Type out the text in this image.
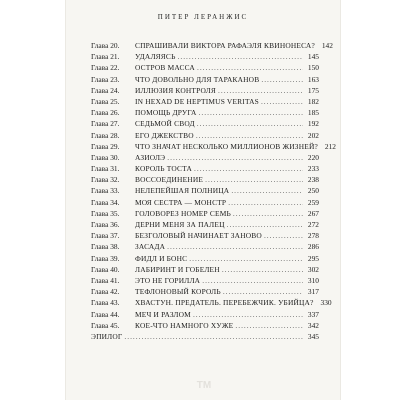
ПИТЕР ЛЕРАНЖИС
Глава 20.	СПРАШИВАЛИ ВИКТОРА РАФАЭЛЯ КВИНОНЕСА? 142
Глава 21.	УДАЛЯЯСЬ .....	145
Глава 22.	ОСТРОВ МАССА .....	150
Глава 23.	ЧТО ДОВОЛЬНО ДЛЯ ТАРАКАНОВ .....	163
Глава 24.	ИЛЛЮЗИЯ КОНТРОЛЯ .....	175
Глава 25.	IN HEXAD DE HEPTIMUS VERITAS .....	182
Глава 26.	ПОМОЩЬ ДРУГА .....	185
Глава 27.	СЕДЬМОЙ СВОД .....	192
Глава 28.	ЕГО ДЖЕКСТВО .....	202
Глава 29.	ЧТО ЗНАЧАТ НЕСКОЛЬКО МИЛЛИОНОВ ЖИЗНЕЙ? 212
Глава 30.	АЗИОЛЭ .....	220
Глава 31.	КОРОЛЬ ТОСТА .....	233
Глава 32.	ВОССОЕДИНЕНИЕ .....	238
Глава 33.	НЕЛЕПЕЙШАЯ ПОЛНИЦА .....	250
Глава 34.	МОЯ СЕСТРА — МОНСТР .....	259
Глава 35.	ГОЛОВОРЕЗ НОМЕР СЕМЬ .....	267
Глава 36.	ДЕРНИ МЕНЯ ЗА ПАЛЕЦ .....	272
Глава 37.	БЕЗГОЛОВЫЙ НАЧИНАЕТ ЗАНОВО .....	278
Глава 38.	ЗАСАДА .....	286
Глава 39.	ФИДЛ И БОНС .....	295
Глава 40.	ЛАБИРИНТ И ГОБЕЛЕН .....	302
Глава 41.	ЭТО НЕ ГОРИЛЛА .....	310
Глава 42.	ТЕФЛОНОВЫЙ КОРОЛЬ .....	317
Глава 43.	ХВАСТУН. ПРЕДАТЕЛЬ. ПЕРЕБЕЖЧИК. УБИЙЦА? 330
Глава 44.	МЕЧ И РАЗЛОМ .....	337
Глава 45.	КОЕ-ЧТО НАМНОГО ХУЖЕ .....	342
ЭПИЛОГ .....	345
TM
